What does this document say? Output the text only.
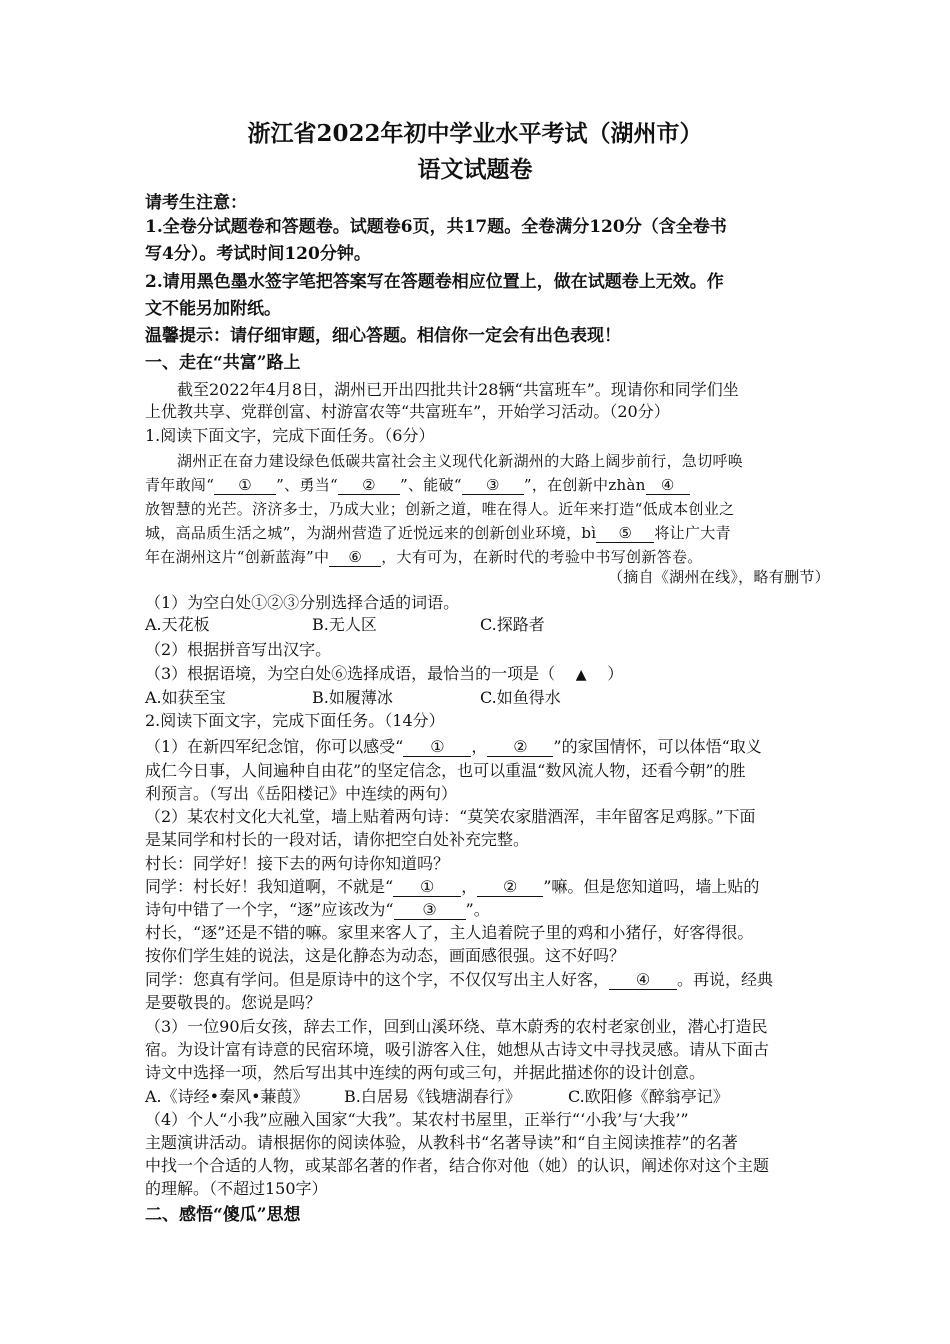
浙江省2022年初中学业水平考试（湖州市）
语文试题卷
请考生注意：
1.全卷分试题卷和答题卷。试题卷6页，共17题。全卷满分120分（含全卷书
写4分）。考试时间120分钟。
2.请用黑色墨水签字笔把答案写在答题卷相应位置上，做在试题卷上无效。作
文不能另加附纸。
温馨提示：请仔细审题，细心答题。相信你一定会有出色表现！
一、走在“共富”路上
截至2022年4月8日，湖州已开出四批共计28辆“共富班车”。现请你和同学们坐
上优教共享、党群创富、村游富农等“共富班车”，开始学习活动。（20分）
1.阅读下面文字，完成下面任务。（6分）
湖州正在奋力建设绿色低碳共富社会主义现代化新湖州的大路上阔步前行，急切呼唤
青年敢闯“ ① ”、勇当“ ② ”、能破“ ③ ”，在创新中zhàn ④
放智慧的光芒。济济多士，乃成大业；创新之道，唯在得人。近年来打造“低成本创业之
城，高品质生活之城”，为湖州营造了近悦远来的创新创业环境，bì ⑤ 将让广大青
年在湖州这片“创新蓝海”中 ⑥ ，大有可为，在新时代的考验中书写创新答卷。
（摘自《湖州在线》，略有删节）
（1）为空白处①②③分别选择合适的词语。
A.天花板	B.无人区	C.探路者
（2）根据拼音写出汉字。
（3）根据语境，为空白处⑥选择成语，最恰当的一项是（ ▲ ）
A.如获至宝	B.如履薄冰	C.如鱼得水
2.阅读下面文字，完成下面任务。（14分）
（1）在新四军纪念馆，你可以感受“ ① ， ② ”的家国情怀，可以体悟“取义
成仁今日事，人间遍种自由花”的坚定信念，也可以重温“数风流人物，还看今朝”的胜
利预言。（写出《岳阳楼记》中连续的两句）
（2）某农村文化大礼堂，墙上贴着两句诗：“莫笑农家腊酒浑，丰年留客足鸡豚。”下面
是某同学和村长的一段对话，请你把空白处补充完整。
村长：同学好！接下去的两句诗你知道吗？
同学：村长好！我知道啊，不就是“ ① ， ② ”嘛。但是您知道吗，墙上贴的
诗句中错了一个字，“逐”应该改为“ ③ ”。
村长，“逐”还是不错的嘛。家里来客人了，主人追着院子里的鸡和小猪仔，好客得很。
按你们学生娃的说法，这是化静态为动态，画面感很强。这不好吗？
同学：您真有学问。但是原诗中的这个字，不仅仅写出主人好客， ④ 。再说，经典
是要敬畏的。您说是吗？
（3）一位90后女孩，辞去工作，回到山溪环绕、草木蔚秀的农村老家创业，潜心打造民
宿。为设计富有诗意的民宿环境，吸引游客入住，她想从古诗文中寻找灵感。请从下面古
诗文中选择一项，然后写出其中连续的两句或三句，并据此描述你的设计创意。
A.《诗经•秦风•蒹葭》 B.白居易《钱塘湖春行》	C.欧阳修《醉翁亭记》
（4）个人“小我”应融入国家“大我”。某农村书屋里，正举行“‘小我’与‘大我’”
主题演讲活动。请根据你的阅读体验，从教科书“名著导读”和“自主阅读推荐”的名著
中找一个合适的人物，或某部名著的作者，结合你对他（她）的认识，阐述你对这个主题
的理解。（不超过150字）
二、感悟“傻瓜”思想
